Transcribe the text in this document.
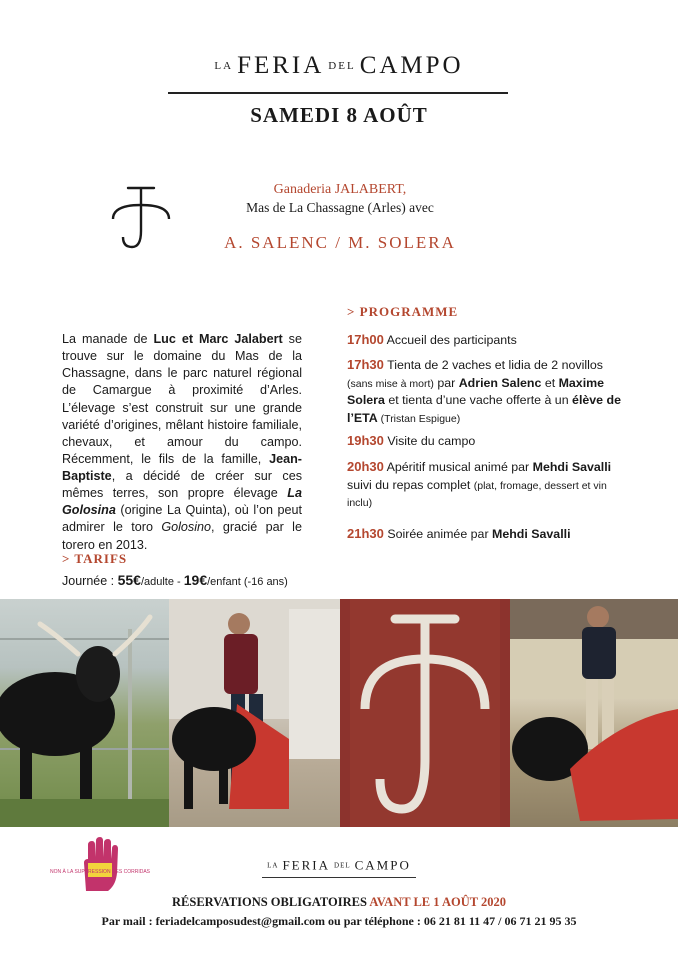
LA FERIA DEL CAMPO
SAMEDI 8 AOÛT
Ganaderia JALABERT,
Mas de La Chassagne (Arles) avec
A. SALENC / M. SOLERA
La manade de Luc et Marc Jalabert se trouve sur le domaine du Mas de la Chassagne, dans le parc naturel régional de Camargue à proximité d’Arles. L’élevage s’est construit sur une grande variété d’origines, mêlant histoire familiale, chevaux, et amour du campo. Récemment, le fils de la famille, Jean-Baptiste, a décidé de créer sur ces mêmes terres, son propre élevage La Golosina (origine La Quinta), où l’on peut admirer le toro Golosino, gracié par le torero en 2013.
> TARIFS
Journée : 55€/adulte - 19€/enfant (-16 ans)
> PROGRAMME
17h00 Accueil des participants
17h30 Tienta de 2 vaches et lidia de 2 novillos (sans mise à mort) par Adrien Salenc et Maxime Solera et tienta d’une vache offerte à un élève de l’ETA (Tristan Espigue)
19h30 Visite du campo
20h30 Apéritif musical animé par Mehdi Savalli suivi du repas complet (plat, fromage, dessert et vin inclu)
21h30 Soirée animée par Mehdi Savalli
NON À LA SUPPRESSION DES CORRIDAS
LA FERIA DEL CAMPO
RÉSERVATIONS OBLIGATOIRES AVANT LE 1 AOÛT 2020
Par mail : feriadelcamposudest@gmail.com ou par téléphone : 06 21 81 11 47 / 06 71 21 95 35
